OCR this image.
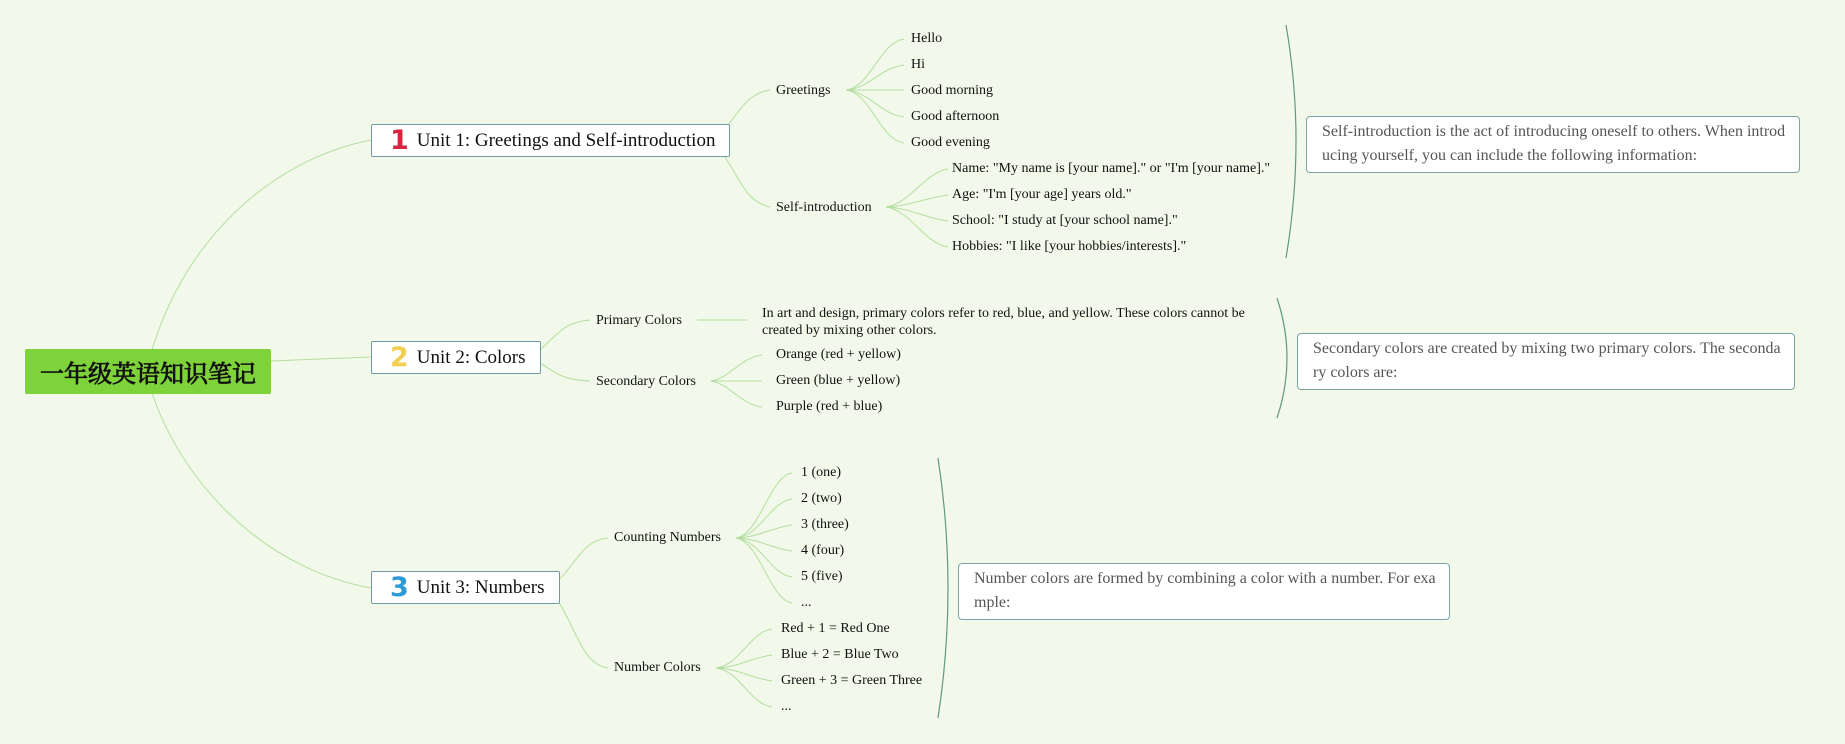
一年级英语知识笔记
1 Unit 1: Greetings and Self-introduction
Greetings
Self-introduction
Hello
Hi
Good morning
Good afternoon
Good evening
Name: "My name is [your name]." or "I'm [your name]."
Age: "I'm [your age] years old."
School: "I study at [your school name]."
Hobbies: "I like [your hobbies/interests]."
Self-introduction is the act of introducing oneself to others. When introducing yourself, you can include the following information:
2 Unit 2: Colors
Primary Colors
Secondary Colors
In art and design, primary colors refer to red, blue, and yellow. These colors cannot be created by mixing other colors.
Orange (red + yellow)
Green (blue + yellow)
Purple (red + blue)
Secondary colors are created by mixing two primary colors. The secondary colors are:
3 Unit 3: Numbers
Counting Numbers
Number Colors
1 (one)
2 (two)
3 (three)
4 (four)
5 (five)
...
Red + 1 = Red One
Blue + 2 = Blue Two
Green + 3 = Green Three
...
Number colors are formed by combining a color with a number. For example:
